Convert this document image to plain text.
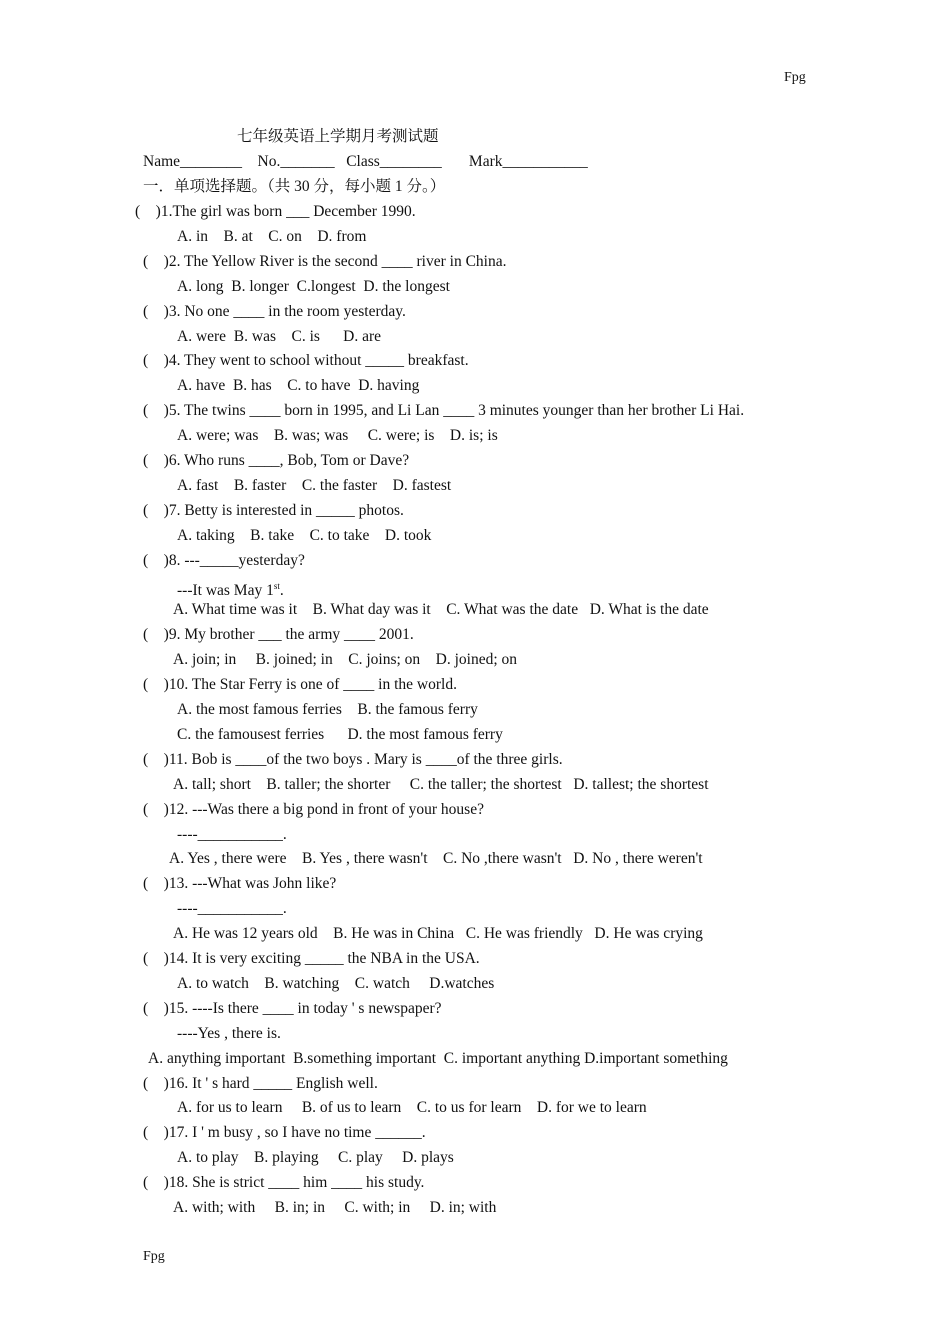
Fpg
七年级英语上学期月考测试题
Name________    No._______   Class________       Mark___________
一．单项选择题。（共 30 分，每小题 1 分。）
(    )1.The girl was born ___ December 1990.
A. in    B. at    C. on    D. from
(    )2. The Yellow River is the second ____ river in China.
A. long  B. longer  C.longest  D. the longest
(    )3. No one ____ in the room yesterday.
A. were  B. was    C. is      D. are
(    )4. They went to school without _____ breakfast.
A. have  B. has    C. to have  D. having
(    )5. The twins ____ born in 1995, and Li Lan ____ 3 minutes younger than her brother Li Hai.
A. were; was    B. was; was     C. were; is    D. is; is
(    )6. Who runs ____, Bob, Tom or Dave?
A. fast    B. faster    C. the faster    D. fastest
(    )7. Betty is interested in _____ photos.
A. taking    B. take    C. to take    D. took
(    )8. ---_____yesterday?
---It was May 1st.
A. What time was it    B. What day was it    C. What was the date   D. What is the date
(    )9. My brother ___ the army ____ 2001.
A. join; in     B. joined; in    C. joins; on    D. joined; on
(    )10. The Star Ferry is one of ____ in the world.
A. the most famous ferries    B. the famous ferry
C. the famousest ferries      D. the most famous ferry
(    )11. Bob is ____of the two boys . Mary is ____of the three girls.
A. tall; short    B. taller; the shorter     C. the taller; the shortest   D. tallest; the shortest
(    )12. ---Was there a big pond in front of your house?
----___________.
A. Yes , there were    B. Yes , there wasn't    C. No ,there wasn't   D. No , there weren't
(    )13. ---What was John like?
----___________.
A. He was 12 years old    B. He was in China   C. He was friendly   D. He was crying
(    )14. It is very exciting _____ the NBA in the USA.
A. to watch    B. watching    C. watch     D.watches
(    )15. ----Is there ____ in today ' s newspaper?
----Yes , there is.
A. anything important  B.something important  C. important anything D.important something
(    )16. It ' s hard _____ English well.
A. for us to learn     B. of us to learn    C. to us for learn    D. for we to learn
(    )17. I ' m busy , so I have no time ______.
A. to play    B. playing     C. play     D. plays
(    )18. She is strict ____ him ____ his study.
A. with; with     B. in; in     C. with; in     D. in; with
Fpg
